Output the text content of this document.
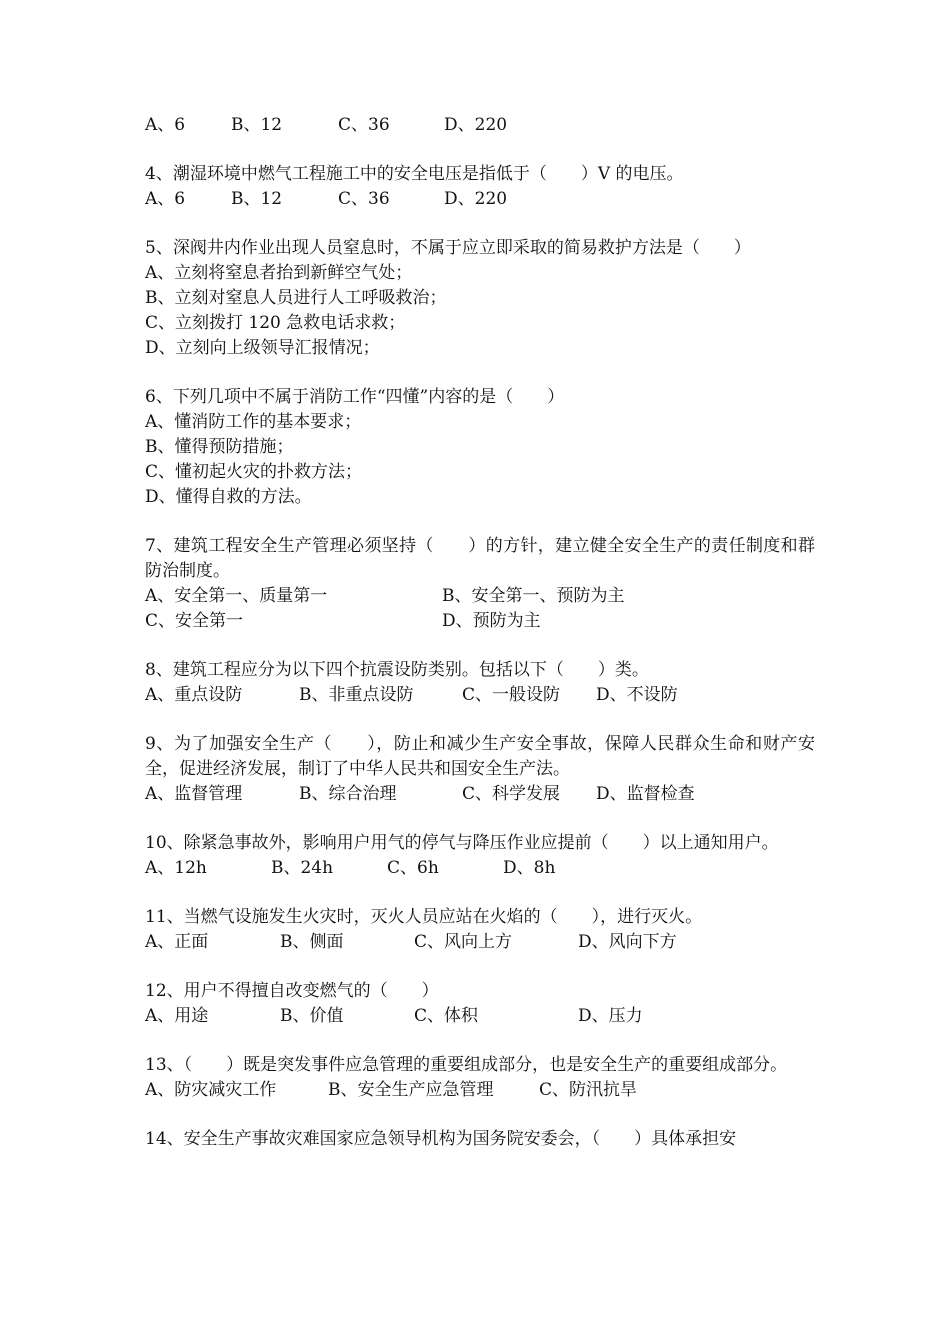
A、6	B、12	C、36	D、220
4、潮湿环境中燃气工程施工中的安全电压是指低于（　　）V 的电压。
A、6	B、12	C、36	D、220
5、深阀井内作业出现人员窒息时，不属于应立即采取的简易救护方法是（　　）
A、立刻将窒息者抬到新鲜空气处；
B、立刻对窒息人员进行人工呼吸救治；
C、立刻拨打 120 急救电话求救；
D、立刻向上级领导汇报情况；
6、下列几项中不属于消防工作“四懂”内容的是（　　）
A、懂消防工作的基本要求；
B、懂得预防措施；
C、懂初起火灾的扑救方法；
D、懂得自救的方法。
7、建筑工程安全生产管理必须坚持（　　）的方针，建立健全安全生产的责任制度和群防治制度。
A、安全第一、质量第一	B、安全第一、预防为主
C、安全第一	D、预防为主
8、建筑工程应分为以下四个抗震设防类别。包括以下（　　）类。
A、重点设防	B、非重点设防	C、一般设防 D、不设防
9、为了加强安全生产（　　），防止和减少生产安全事故，保障人民群众生命和财产安全，促进经济发展，制订了中华人民共和国安全生产法。
A、监督管理	B、综合治理	C、科学发展 D、监督检查
10、除紧急事故外，影响用户用气的停气与降压作业应提前（　　）以上通知用户。
A、12h	B、24h	C、6h	D、8h
11、当燃气设施发生火灾时，灭火人员应站在火焰的（　　），进行灭火。
A、正面	B、侧面	C、风向上方	D、风向下方
12、用户不得擅自改变燃气的（　　）
A、用途	B、价值	C、体积	D、压力
13、（　　）既是突发事件应急管理的重要组成部分，也是安全生产的重要组成部分。
A、防灾减灾工作	B、安全生产应急管理	C、防汛抗旱
14、安全生产事故灾难国家应急领导机构为国务院安委会，（　　）具体承担安
